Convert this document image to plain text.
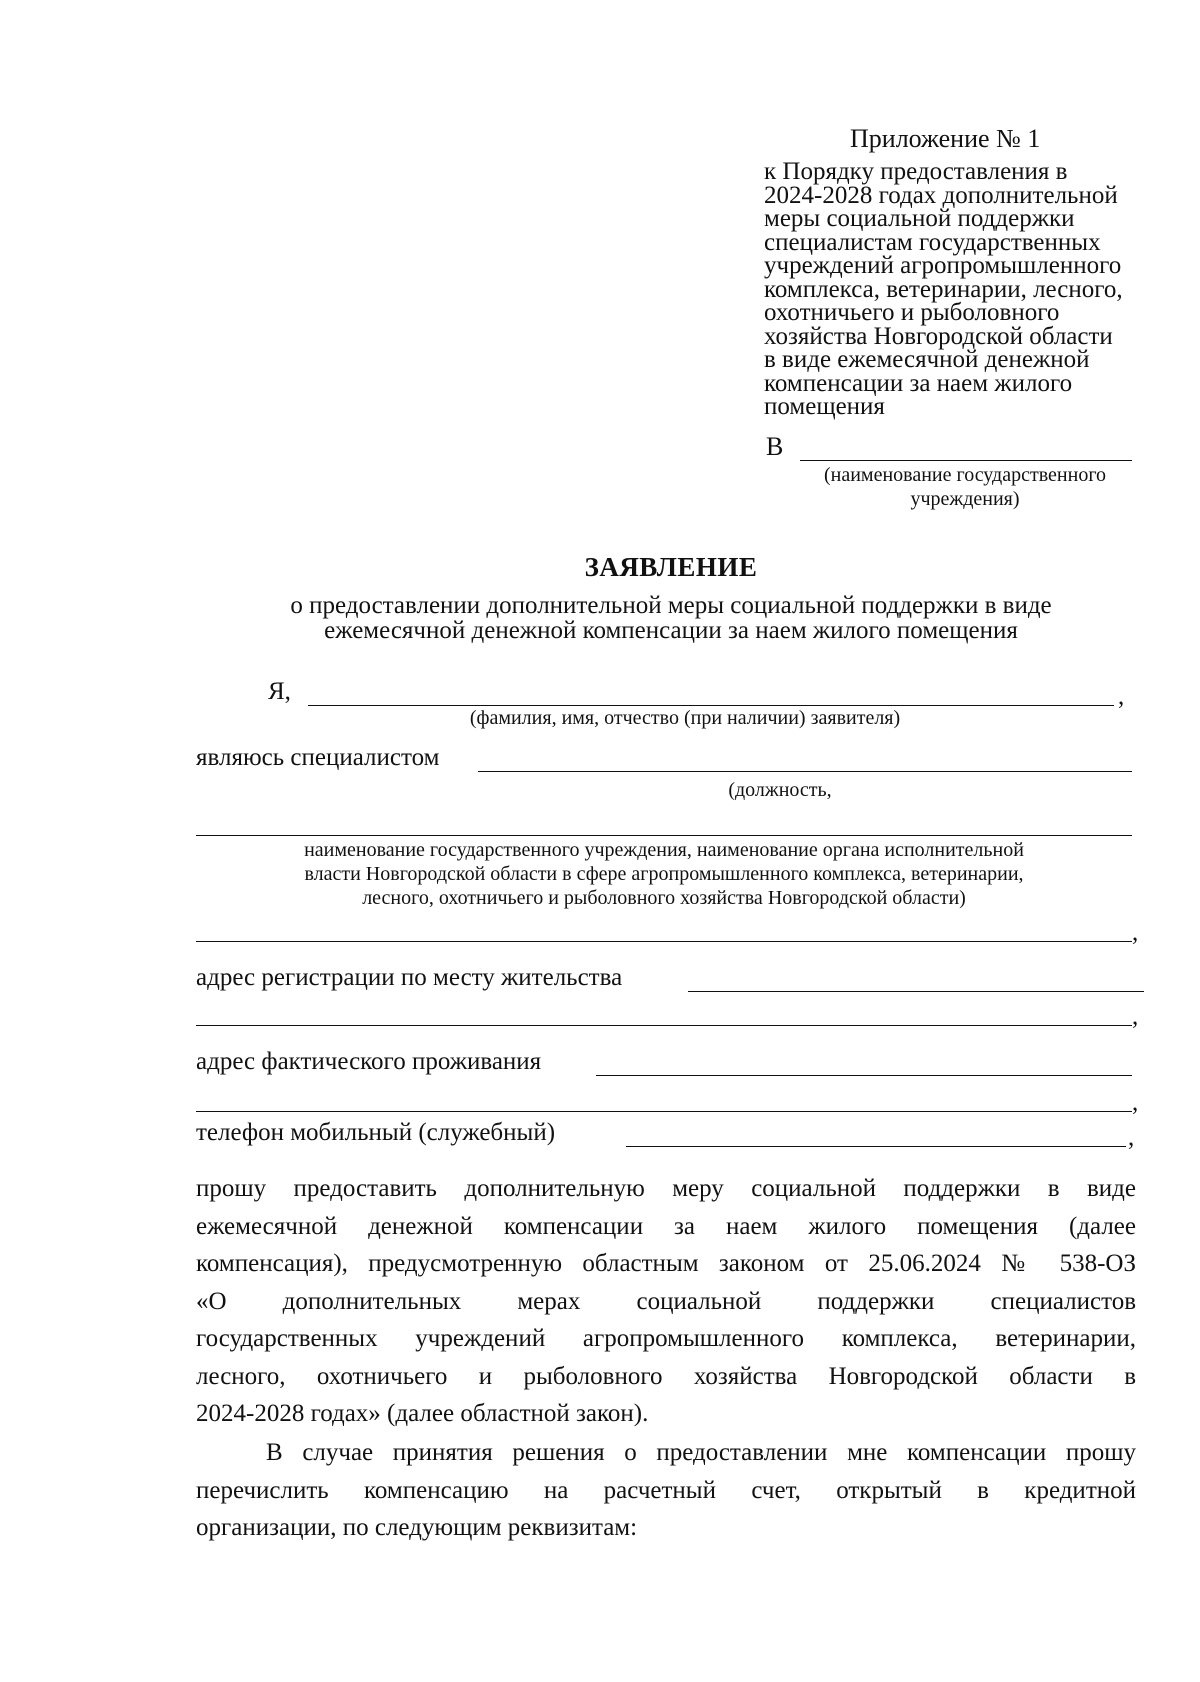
Приложение № 1
к Порядку предоставления в
2024-2028 годах дополнительной
меры социальной поддержки
специалистам государственных
учреждений агропромышленного
комплекса, ветеринарии, лесного,
охотничьего и рыболовного
хозяйства Новгородской области
в виде ежемесячной денежной
компенсации за наем жилого
помещения
В
(наименование государственного
учреждения)
ЗАЯВЛЕНИЕ
о предоставлении дополнительной меры социальной поддержки в виде
ежемесячной денежной компенсации за наем жилого помещения
Я,	,
(фамилия, имя, отчество (при наличии) заявителя)
являюсь специалистом
(должность,
наименование государственного учреждения, наименование органа исполнительной
власти Новгородской области в сфере агропромышленного комплекса, ветеринарии,
лесного, охотничьего и рыболовного хозяйства Новгородской области)
,
адрес регистрации по месту жительства
,
адрес фактического проживания
,
телефон мобильный (служебный)	,
прошу предоставить дополнительную меру социальной поддержки в виде
ежемесячной денежной компенсации за наем жилого помещения (далее
компенсация), предусмотренную областным законом от 25.06.2024 № 538-ОЗ
«О дополнительных мерах социальной поддержки специалистов
государственных учреждений агропромышленного комплекса, ветеринарии,
лесного, охотничьего и рыболовного хозяйства Новгородской области в
2024-2028 годах» (далее областной закон).
В случае принятия решения о предоставлении мне компенсации прошу
перечислить компенсацию на расчетный счет, открытый в кредитной
организации, по следующим реквизитам:
